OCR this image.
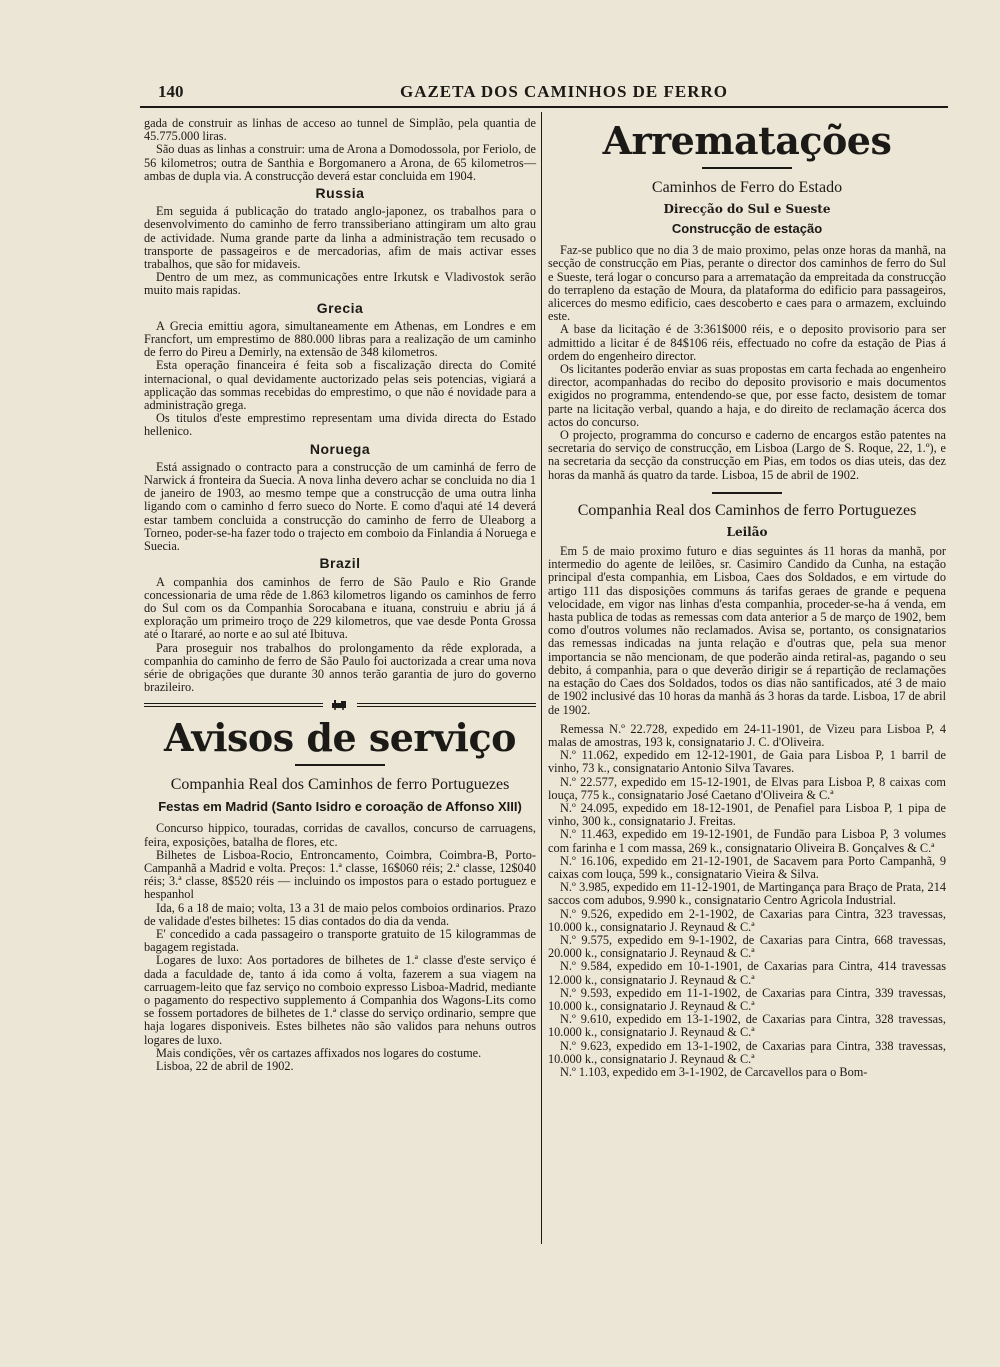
140	GAZETA DOS CAMINHOS DE FERRO

gada de construir as linhas de acceso ao tunnel de Simplão, pela quantia de 45.775.000 liras.

São duas as linhas a construir: uma de Arona a Domodossola, por Feriolo, de 56 kilometros; outra de Santhia e Borgomanero a Arona, de 65 kilometros—ambas de dupla via. A construcção deverá estar concluida em 1904.

Russia

Em seguida á publicação do tratado anglo-japonez, os trabalhos para o desenvolvimento do caminho de ferro transsiberiano attingiram um alto grau de actividade. Numa grande parte da linha a administração tem recusado o transporte de passageiros e de mercadorias, afim de mais activar esses trabalhos, que são for midaveis.

Dentro de um mez, as communicações entre Irkutsk e Vladivostok serão muito mais rapidas.

Grecia

A Grecia emittiu agora, simultaneamente em Athenas, em Londres e em Francfort, um emprestimo de 880.000 libras para a realização de um caminho de ferro do Pireu a Demirly, na extensão de 348 kilometros.

Esta operação financeira é feita sob a fiscalização directa do Comité internacional, o qual devidamente auctorizado pelas seis potencias, vigiará a applicação das sommas recebidas do emprestimo, o que não é novidade para a administração grega.

Os titulos d'este emprestimo representam uma divida directa do Estado hellenico.

Noruega

Está assignado o contracto para a construcção de um caminhá de ferro de Narwick á fronteira da Suecia. A nova linha devero achar se concluida no dia 1 de janeiro de 1903, ao mesmo tempe que a construcção de uma outra linha ligando com o caminho d ferro sueco do Norte. E como d'aqui até 14 deverá estar tambem concluida a construcção do caminho de ferro de Uleaborg a Torneo, poder-se-ha fazer todo o trajecto em comboio da Finlandia á Noruega e Suecia.

Brazil

A companhia dos caminhos de ferro de São Paulo e Rio Grande concessionaria de uma rêde de 1.863 kilometros ligando os caminhos de ferro do Sul com os da Companhia Sorocabana e ituana, construiu e abriu já á exploração um primeiro troço de 229 kilometros, que vae desde Ponta Grossa até o Itararé, ao norte e ao sul até Ibituva.

Para proseguir nos trabalhos do prolongamento da rêde explorada, a companhia do caminho de ferro de São Paulo foi auctorizada a crear uma nova série de obrigações que durante 30 annos terão garantia de juro do governo brazileiro.

Avisos de serviço
Companhia Real dos Caminhos de ferro Portuguezes
Festas em Madrid (Santo Isidro e coroação de Affonso XIII)

Concurso hippico, touradas, corridas de cavallos, concurso de carruagens, feira, exposições, batalha de flores, etc.

Bilhetes de Lisboa-Rocio, Entroncamento, Coimbra, Coimbra-B, Porto-Campanhã a Madrid e volta. Preços: 1.ª classe, 16$060 réis; 2.ª classe, 12$040 réis; 3.ª classe, 8$520 réis — incluindo os impostos para o estado portuguez e hespanhol

Ida, 6 a 18 de maio; volta, 13 a 31 de maio pelos comboios ordinarios. Prazo de validade d'estes bilhetes: 15 dias contados do dia da venda.

E' concedido a cada passageiro o transporte gratuito de 15 kilogrammas de bagagem registada.

Logares de luxo: Aos portadores de bilhetes de 1.ª classe d'este serviço é dada a faculdade de, tanto á ida como á volta, fazerem a sua viagem na carruagem-leito que faz serviço no comboio expresso Lisboa-Madrid, mediante o pagamento do respectivo supplemento á Companhia dos Wagons-Lits como se fossem portadores de bilhetes de 1.ª classe do serviço ordinario, sempre que haja logares disponiveis. Estes bilhetes não são validos para nehuns outros logares de luxo.

Mais condições, vêr os cartazes affixados nos logares do costume.

Lisboa, 22 de abril de 1902.

Arrematações
Caminhos de Ferro do Estado
Direcção do Sul e Sueste
Construcção de estação

Faz-se publico que no dia 3 de maio proximo, pelas onze horas da manhã, na secção de construcção em Pias, perante o director dos caminhos de ferro do Sul e Sueste, terá logar o concurso para a arrematação da empreitada da construcção do terrapleno da estação de Moura, da plataforma do edificio para passageiros, alicerces do mesmo edificio, caes descoberto e caes para o armazem, excluindo este.

A base da licitação é de 3:361$000 réis, e o deposito provisorio para ser admittido a licitar é de 84$106 réis, effectuado no cofre da estação de Pias á ordem do engenheiro director.

Os licitantes poderão enviar as suas propostas em carta fechada ao engenheiro director, acompanhadas do recibo do deposito provisorio e mais documentos exigidos no programma, entendendo-se que, por esse facto, desistem de tomar parte na licitação verbal, quando a haja, e do direito de reclamação ácerca dos actos do concurso.

O projecto, programma do concurso e caderno de encargos estão patentes na secretaria do serviço de construcção, em Lisboa (Largo de S. Roque, 22, 1.º), e na secretaria da secção da construcção em Pias, em todos os dias uteis, das dez horas da manhã ás quatro da tarde. Lisboa, 15 de abril de 1902.

Companhia Real dos Caminhos de ferro Portuguezes
Leilão

Em 5 de maio proximo futuro e dias seguintes ás 11 horas da manhã, por intermedio do agente de leilões, sr. Casimiro Candido da Cunha, na estação principal d'esta companhia, em Lisboa, Caes dos Soldados, e em virtude do artigo 111 das disposições communs ás tarifas geraes de grande e pequena velocidade, em vigor nas linhas d'esta companhia, proceder-se-ha á venda, em hasta publica de todas as remessas com data anterior a 5 de março de 1902, bem como d'outros volumes não reclamados. Avisa se, portanto, os consignatarios das remessas indicadas na junta relação e d'outras que, pela sua menor importancia se não mencionam, de que poderão ainda retiral-as, pagando o seu debito, á companhia, para o que deverão dirigir se á repartição de reclamações na estação do Caes dos Soldados, todos os dias não santificados, até 3 de maio de 1902 inclusivé das 10 horas da manhã ás 3 horas da tarde. Lisboa, 17 de abril de 1902.

Remessa N.º 22.728, expedido em 24-11-1901, de Vizeu para Lisboa P, 4 malas de amostras, 193 k, consignatario J. C. d'Oliveira.

N.º 11.062, expedido em 12-12-1901, de Gaia para Lisboa P, 1 barril de vinho, 73 k., consignatario Antonio Silva Tavares.

N.º 22.577, expedido em 15-12-1901, de Elvas para Lisboa P, 8 caixas com louça, 775 k., consignatario José Caetano d'Oliveira & C.ª

N.º 24.095, expedido em 18-12-1901, de Penafiel para Lisboa P, 1 pipa de vinho, 300 k., consignatario J. Freitas.

N.º 11.463, expedido em 19-12-1901, de Fundão para Lisboa P, 3 volumes com farinha e 1 com massa, 269 k., consignatario Oliveira B. Gonçalves & C.ª

N.º 16.106, expedido em 21-12-1901, de Sacavem para Porto Campanhã, 9 caixas com louça, 599 k., consignatario Vieira & Silva.

N.º 3.985, expedido em 11-12-1901, de Martingança para Braço de Prata, 214 saccos com adubos, 9.990 k., consignatario Centro Agricola Industrial.

N.º 9.526, expedido em 2-1-1902, de Caxarias para Cintra, 323 travessas, 10.000 k., consignatario J. Reynaud & C.ª

N.º 9.575, expedido em 9-1-1902, de Caxarias para Cintra, 668 travessas, 20.000 k., consignatario J. Reynaud & C.ª

N.º 9.584, expedido em 10-1-1901, de Caxarias para Cintra, 414 travessas 12.000 k., consignatario J. Reynaud & C.ª

N.º 9.593, expedido em 11-1-1902, de Caxarias para Cintra, 339 travessas, 10.000 k., consignatario J. Reynaud & C.ª

N.º 9.610, expedido em 13-1-1902, de Caxarias para Cintra, 328 travessas, 10.000 k., consignatario J. Reynaud & C.ª

N.º 9.623, expedido em 13-1-1902, de Caxarias para Cintra, 338 travessas, 10.000 k., consignatario J. Reynaud & C.ª

N.º 1.103, expedido em 3-1-1902, de Carcavellos para o Bom-
